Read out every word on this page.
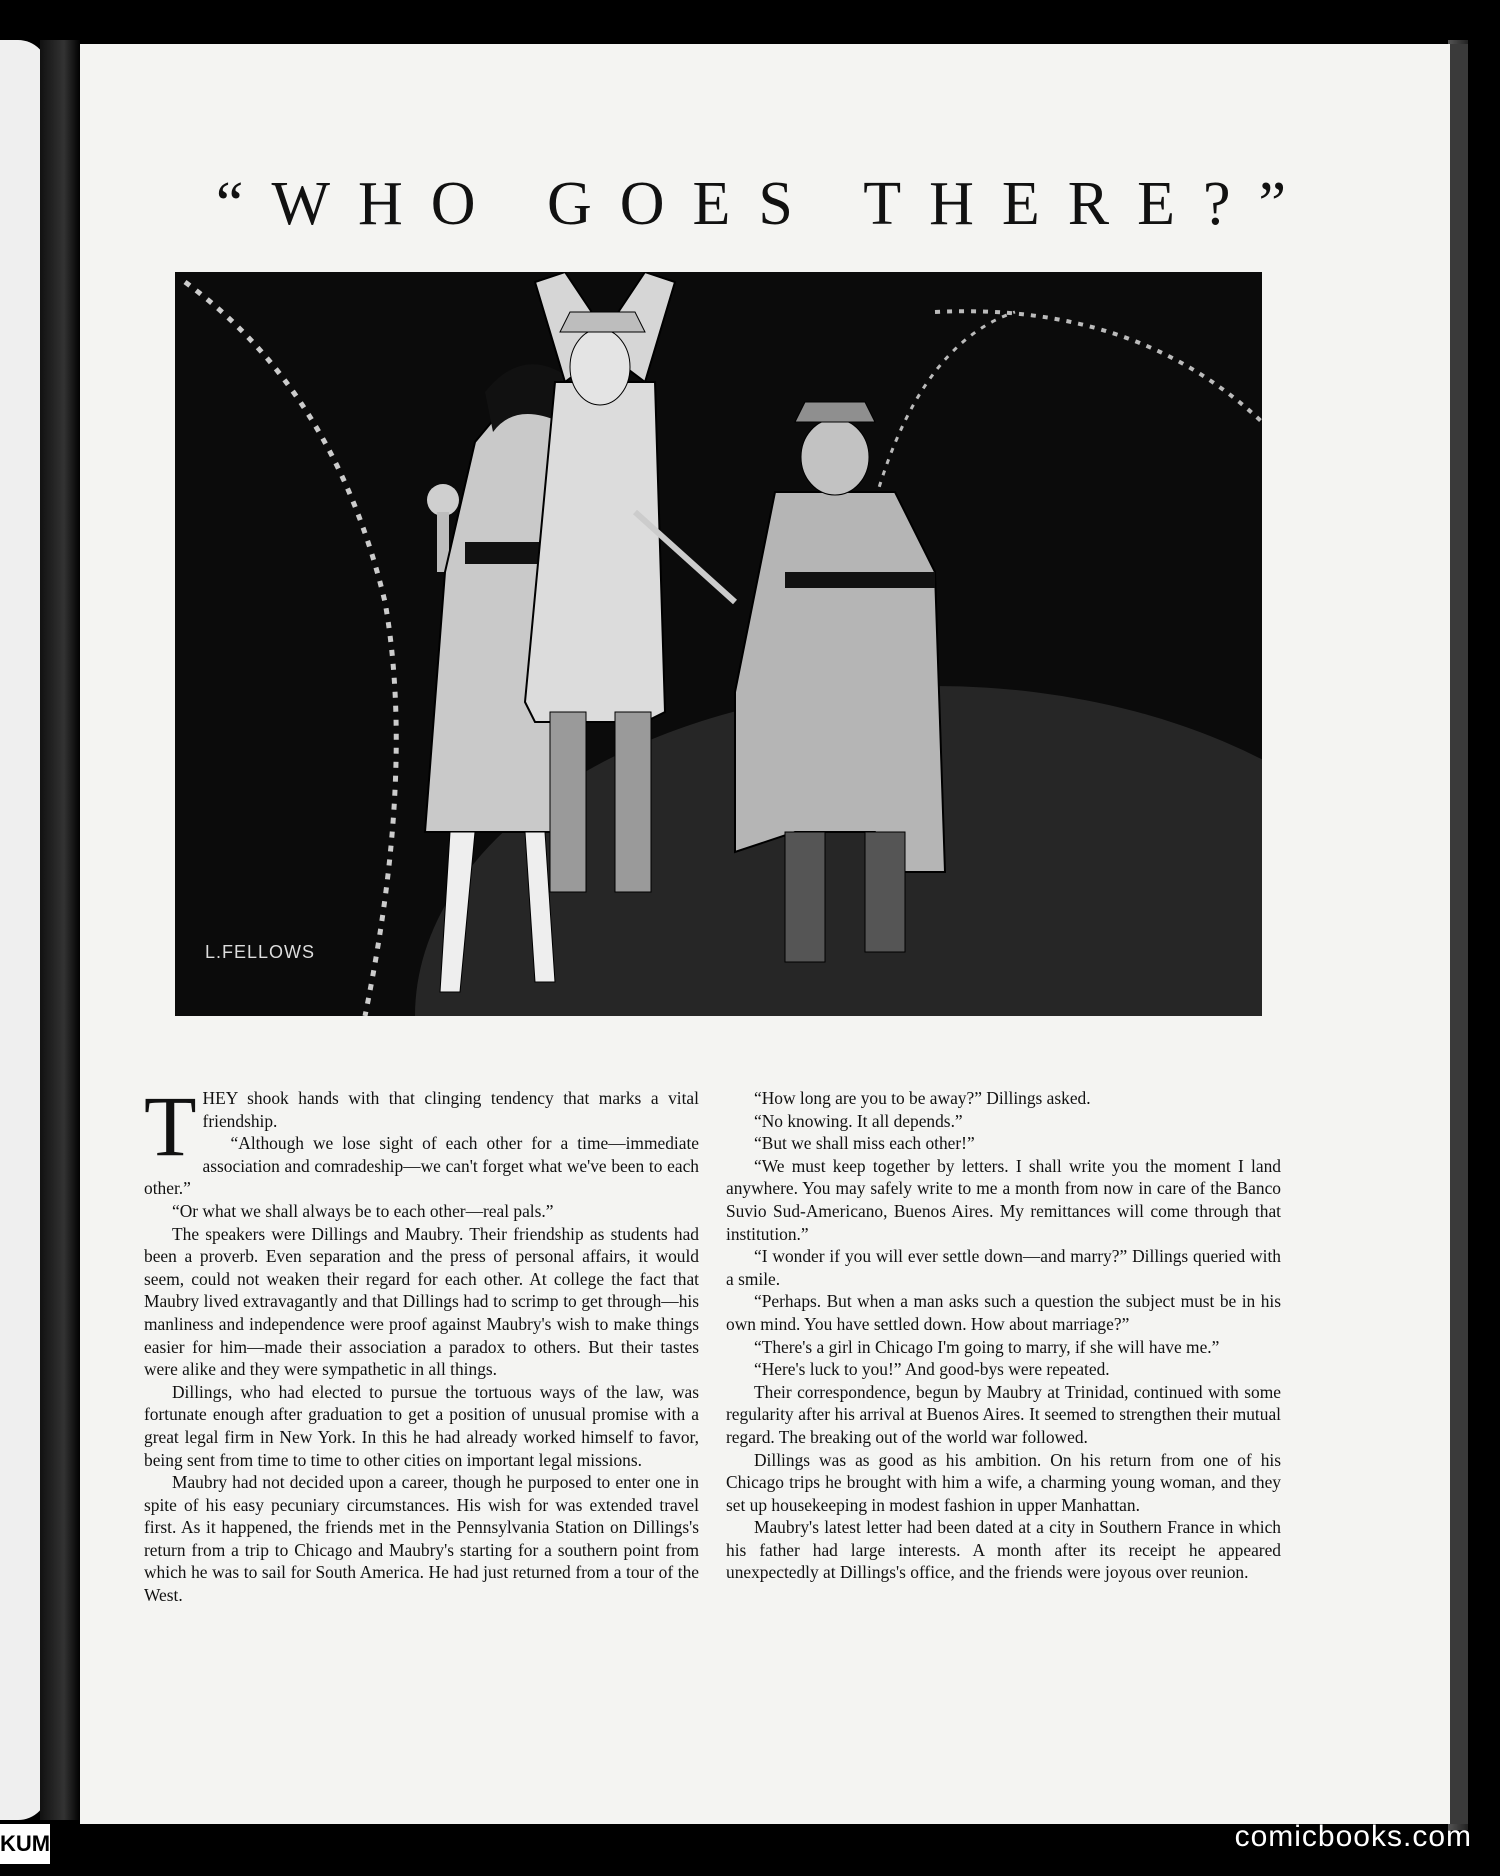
“WHO GOES THERE?”
L.FELLOWS

THEY shook hands with that clinging tendency that marks a vital friendship.

“Although we lose sight of each other for a time—immediate association and comradeship—we can't forget what we've been to each other.”

“Or what we shall always be to each other—real pals.”

The speakers were Dillings and Maubry. Their friendship as students had been a proverb. Even separation and the press of personal affairs, it would seem, could not weaken their regard for each other. At college the fact that Maubry lived extravagantly and that Dillings had to scrimp to get through—his manliness and independence were proof against Maubry's wish to make things easier for him—made their association a paradox to others. But their tastes were alike and they were sympathetic in all things.

Dillings, who had elected to pursue the tortuous ways of the law, was fortunate enough after graduation to get a position of unusual promise with a great legal firm in New York. In this he had already worked himself to favor, being sent from time to time to other cities on important legal missions.

Maubry had not decided upon a career, though he purposed to enter one in spite of his easy pecuniary circumstances. His wish for was extended travel first. As it happened, the friends met in the Pennsylvania Station on Dillings's return from a trip to Chicago and Maubry's starting for a southern point from which he was to sail for South America. He had just returned from a tour of the West.

“How long are you to be away?” Dillings asked.

“No knowing. It all depends.”

“But we shall miss each other!”

“We must keep together by letters. I shall write you the moment I land anywhere. You may safely write to me a month from now in care of the Banco Suvio Sud-Americano, Buenos Aires. My remittances will come through that institution.”

“I wonder if you will ever settle down—and marry?” Dillings queried with a smile.

“Perhaps. But when a man asks such a question the subject must be in his own mind. You have settled down. How about marriage?”

“There's a girl in Chicago I'm going to marry, if she will have me.”

“Here's luck to you!” And good-bys were repeated.

Their correspondence, begun by Maubry at Trinidad, continued with some regularity after his arrival at Buenos Aires. It seemed to strengthen their mutual regard. The breaking out of the world war followed.

Dillings was as good as his ambition. On his return from one of his Chicago trips he brought with him a wife, a charming young woman, and they set up housekeeping in modest fashion in upper Manhattan.

Maubry's latest letter had been dated at a city in Southern France in which his father had large interests. A month after its receipt he appeared unexpectedly at Dillings's office, and the friends were joyous over reunion.

KUM	comicbooks.com
